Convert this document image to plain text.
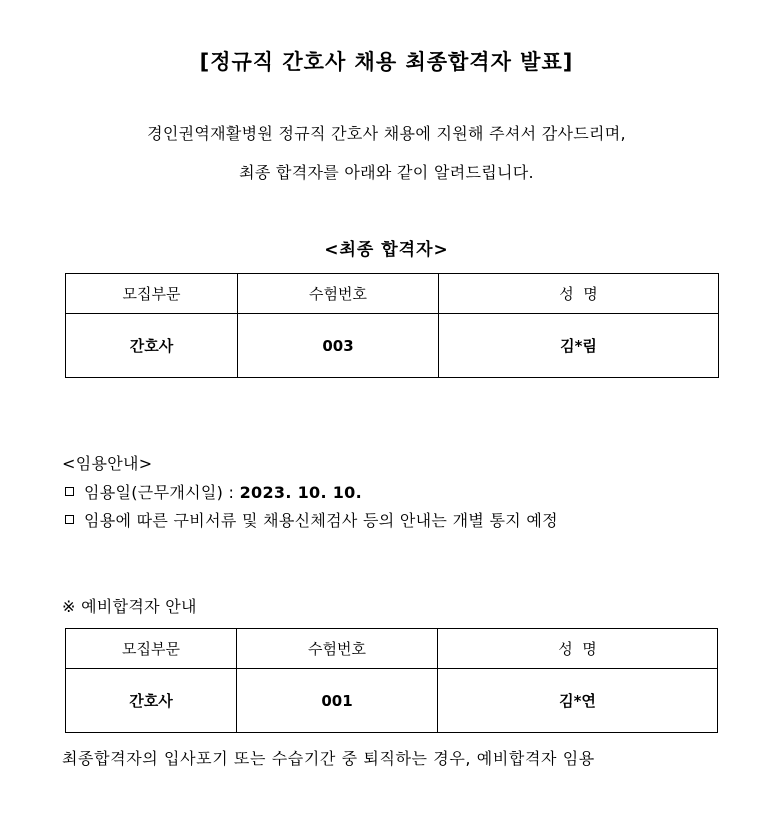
[정규직 간호사 채용 최종합격자 발표]
경인권역재활병원 정규직 간호사 채용에 지원해 주셔서 감사드리며,
최종 합격자를 아래와 같이 알려드립니다.
<최종 합격자>
모집부문	수험번호	성  명
간호사	003	김*림
<임용안내>
임용일(근무개시일) : 2023. 10. 10.
임용에 따른 구비서류 및 채용신체검사 등의 안내는 개별 통지 예정
※ 예비합격자 안내
모집부문	수험번호	성  명
간호사	001	김*연
최종합격자의 입사포기 또는 수습기간 중 퇴직하는 경우, 예비합격자 임용
